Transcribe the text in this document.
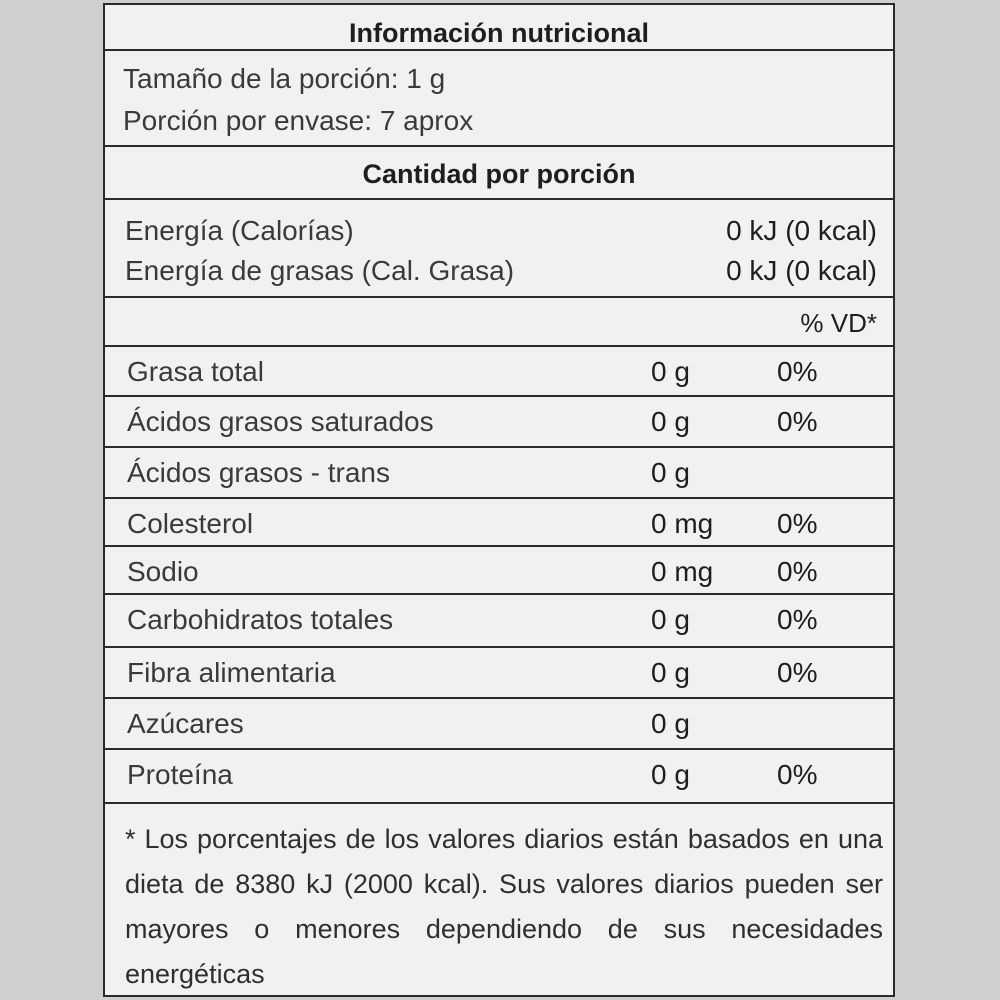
Información nutricional
Tamaño de la porción: 1 g
Porción por envase: 7 aprox
Cantidad por porción
Energía (Calorías)	0 kJ (0 kcal)
Energía de grasas (Cal. Grasa)	0 kJ (0 kcal)
% VD*
Grasa total	0 g	0%
Ácidos grasos saturados	0 g	0%
Ácidos grasos - trans	0 g
Colesterol	0 mg 0%
Sodio	0 mg 0%
Carbohidratos totales	0 g	0%
Fibra alimentaria	0 g	0%
Azúcares	0 g
Proteína	0 g	0%
* Los porcentajes de los valores diarios están basados en una dieta de 8380 kJ (2000 kcal). Sus valores diarios pueden ser mayores o menores dependiendo de sus necesidades energéticas
